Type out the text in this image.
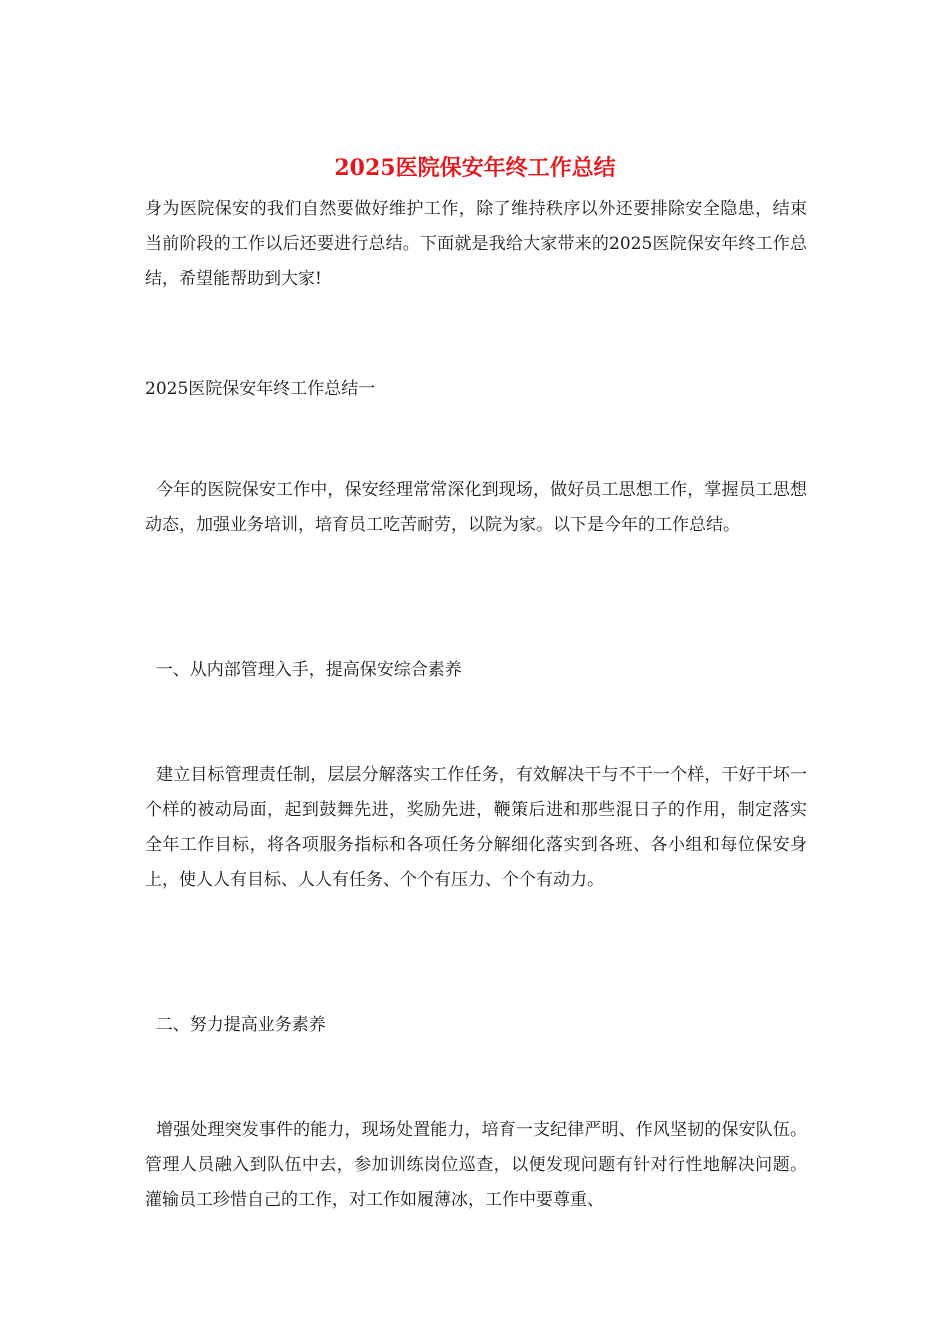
2025医院保安年终工作总结

身为医院保安的我们自然要做好维护工作，除了维持秩序以外还要排除安全隐患，结束当前阶段的工作以后还要进行总结。下面就是我给大家带来的2025医院保安年终工作总结，希望能帮助到大家!

2025医院保安年终工作总结一

今年的医院保安工作中，保安经理常常深化到现场，做好员工思想工作，掌握员工思想动态，加强业务培训，培育员工吃苦耐劳，以院为家。以下是今年的工作总结。

一、从内部管理入手，提高保安综合素养

建立目标管理责任制，层层分解落实工作任务，有效解决干与不干一个样，干好干坏一个样的被动局面，起到鼓舞先进，奖励先进，鞭策后进和那些混日子的作用，制定落实全年工作目标，将各项服务指标和各项任务分解细化落实到各班、各小组和每位保安身上，使人人有目标、人人有任务、个个有压力、个个有动力。

二、努力提高业务素养

增强处理突发事件的能力，现场处置能力，培育一支纪律严明、作风坚韧的保安队伍。管理人员融入到队伍中去，参加训练岗位巡查，以便发现问题有针对行性地解决问题。灌输员工珍惜自己的工作，对工作如履薄冰，工作中要尊重、
